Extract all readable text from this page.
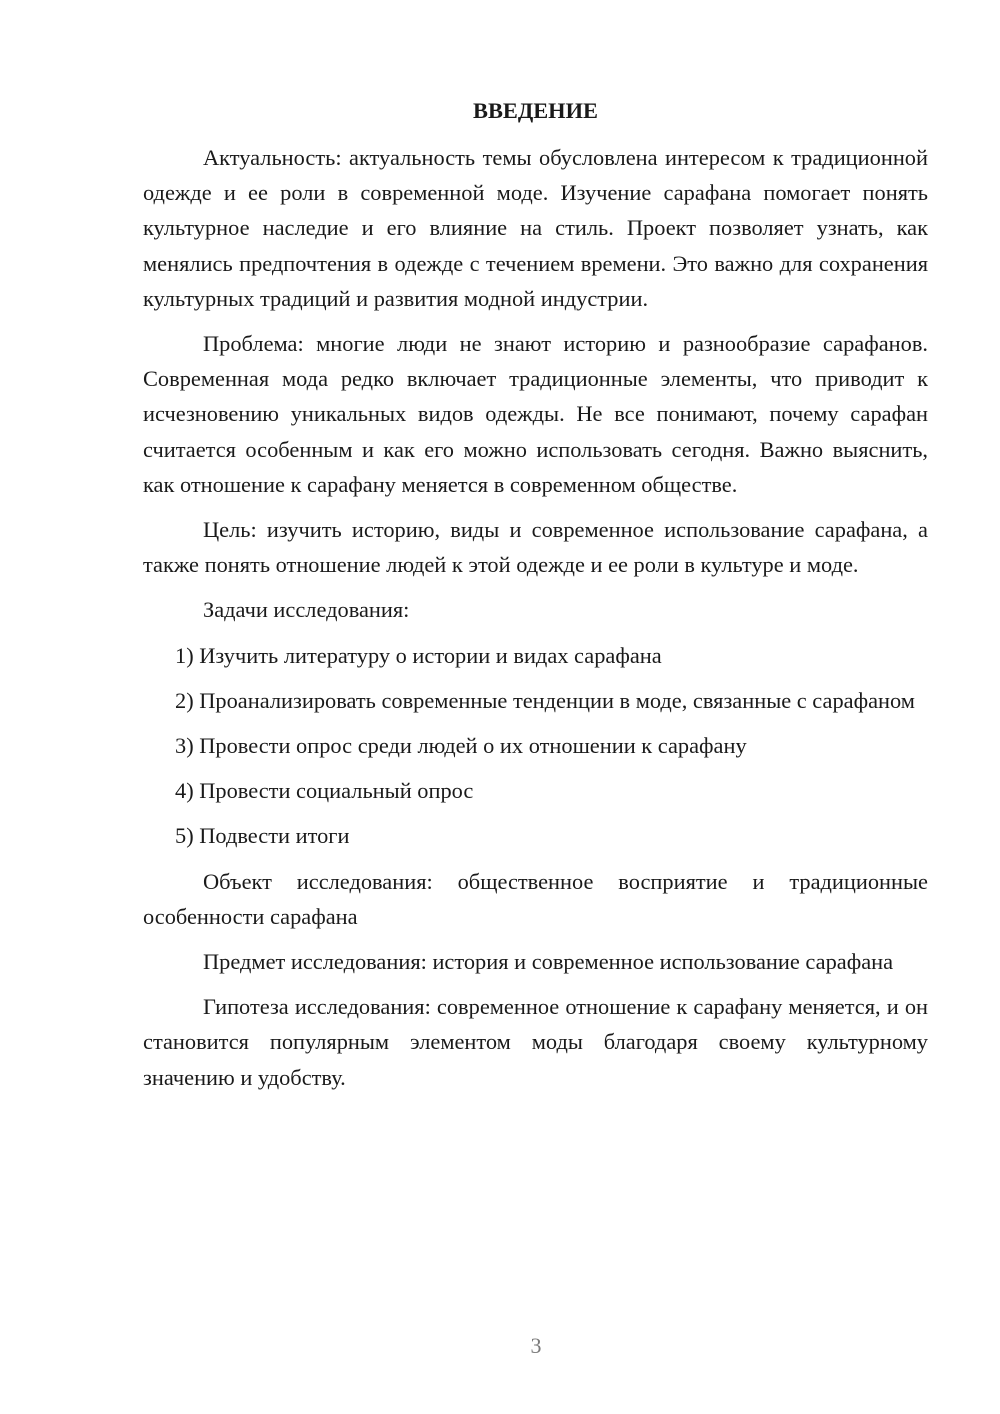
ВВЕДЕНИЕ

Актуальность: актуальность темы обусловлена интересом к традиционной одежде и ее роли в современной моде. Изучение сарафана помогает понять культурное наследие и его влияние на стиль. Проект позволяет узнать, как менялись предпочтения в одежде с течением времени. Это важно для сохранения культурных традиций и развития модной индустрии.

Проблема: многие люди не знают историю и разнообразие сарафанов. Современная мода редко включает традиционные элементы, что приводит к исчезновению уникальных видов одежды. Не все понимают, почему сарафан считается особенным и как его можно использовать сегодня. Важно выяснить, как отношение к сарафану меняется в современном обществе.

Цель: изучить историю, виды и современное использование сарафана, а также понять отношение людей к этой одежде и ее роли в культуре и моде.

Задачи исследования:

1) Изучить литературу о истории и видах сарафана

2) Проанализировать современные тенденции в моде, связанные с сарафаном

3) Провести опрос среди людей о их отношении к сарафану

4) Провести социальный опрос

5) Подвести итоги

Объект исследования: общественное восприятие и традиционные особенности сарафана

Предмет исследования: история и современное использование сарафана

Гипотеза исследования: современное отношение к сарафану меняется, и он становится популярным элементом моды благодаря своему культурному значению и удобству.

3
